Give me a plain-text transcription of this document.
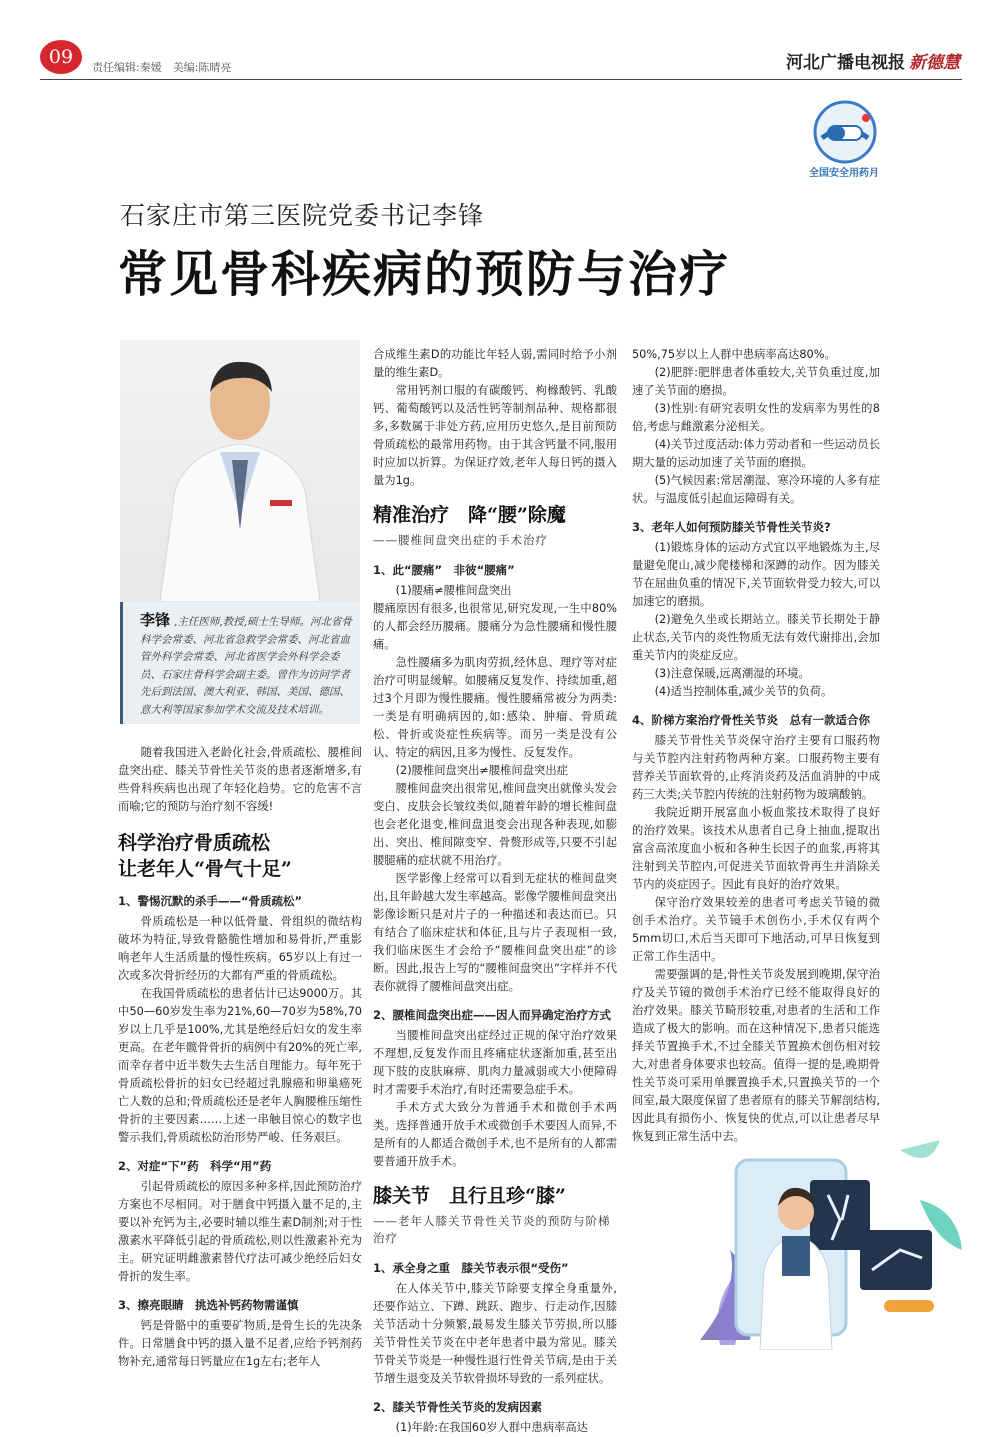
09	责任编辑:秦媛　美编:陈晴亮	河北广播电视报 新德慧
全国安全用药月
石家庄市第三医院党委书记李锋
常见骨科疾病的预防与治疗
李锋 ,主任医师,教授,硕士生导师。河北省骨科学会常委、河北省急救学会常委、河北省血管外科学会常委、河北省医学会外科学会委员、石家庄骨科学会副主委。曾作为访问学者先后到法国、澳大利亚、韩国、美国、德国、意大利等国家参加学术交流及技术培训。

随着我国进入老龄化社会,骨质疏松、腰椎间盘突出症、膝关节骨性关节炎的患者逐渐增多,有些骨科疾病也出现了年轻化趋势。它的危害不言而喻;它的预防与治疗刻不容缓!

科学治疗骨质疏松
让老年人“骨气十足”
1、警惕沉默的杀手——“骨质疏松”

骨质疏松是一种以低骨量、骨组织的微结构破坏为特征,导致骨骼脆性增加和易骨折,严重影响老年人生活质量的慢性疾病。65岁以上有过一次或多次骨折经历的大都有严重的骨质疏松。

在我国骨质疏松的患者估计已达9000万。其中50—60岁发生率为21%,60—70岁为58%,70岁以上几乎是100%,尤其是绝经后妇女的发生率更高。在老年髋骨骨折的病例中有20%的死亡率,而幸存者中近半数失去生活自理能力。每年死于骨质疏松骨折的妇女已经超过乳腺癌和卵巢癌死亡人数的总和;骨质疏松还是老年人胸腰椎压缩性骨折的主要因素……上述一串触目惊心的数字也警示我们,骨质疏松防治形势严峻、任务艰巨。

2、对症“下”药　科学“用”药

引起骨质疏松的原因多种多样,因此预防治疗方案也不尽相同。对于膳食中钙摄入量不足的,主要以补充钙为主,必要时辅以维生素D制剂;对于性激素水平降低引起的骨质疏松,则以性激素补充为主。研究证明雌激素替代疗法可减少绝经后妇女骨折的发生率。

3、擦亮眼睛　挑选补钙药物需谨慎

钙是骨骼中的重要矿物质,是骨生长的先决条件。日常膳食中钙的摄入量不足者,应给予钙剂药物补充,通常每日钙量应在1g左右;老年人

合成维生素D的功能比年轻人弱,需同时给予小剂量的维生素D。

常用钙剂口服的有碳酸钙、枸橼酸钙、乳酸钙、葡萄酸钙以及活性钙等制剂品种、规格都很多,多数属于非处方药,应用历史悠久,是目前预防骨质疏松的最常用药物。由于其含钙量不同,服用时应加以折算。为保证疗效,老年人每日钙的摄入量为1g。

精准治疗　降“腰”除魔
——腰椎间盘突出症的手术治疗
1、此“腰痛”　非彼“腰痛”

(1)腰痛≠腰椎间盘突出

腰痛原因有很多,也很常见,研究发现,一生中80%的人都会经历腰痛。腰痛分为急性腰痛和慢性腰痛。

急性腰痛多为肌肉劳损,经休息、理疗等对症治疗可明显缓解。如腰痛反复发作、持续加重,超过3个月即为慢性腰痛。慢性腰痛常被分为两类:一类是有明确病因的,如:感染、肿瘤、骨质疏松、骨折或炎症性疾病等。而另一类是没有公认、特定的病因,且多为慢性、反复发作。

(2)腰椎间盘突出≠腰椎间盘突出症

腰椎间盘突出很常见,椎间盘突出就像头发会变白、皮肤会长皱纹类似,随着年龄的增长椎间盘也会老化退变,椎间盘退变会出现各种表现,如膨出、突出、椎间隙变窄、骨赘形成等,只要不引起腰腿痛的症状就不用治疗。

医学影像上经常可以看到无症状的椎间盘突出,且年龄越大发生率越高。影像学腰椎间盘突出影像诊断只是对片子的一种描述和表达而已。只有结合了临床症状和体征,且与片子表现相一致,我们临床医生才会给予“腰椎间盘突出症”的诊断。因此,报告上写的“腰椎间盘突出”字样并不代表你就得了腰椎间盘突出症。

2、腰椎间盘突出症——因人而异确定治疗方式

当腰椎间盘突出症经过正规的保守治疗效果不理想,反复发作而且疼痛症状逐渐加重,甚至出现下肢的皮肤麻痹、肌肉力量减弱或大小便障碍时才需要手术治疗,有时还需要急症手术。

手术方式大致分为普通手术和微创手术两类。选择普通开放手术或微创手术要因人而异,不是所有的人都适合微创手术,也不是所有的人都需要普通开放手术。

膝关节　且行且珍“膝”
——老年人膝关节骨性关节炎的预防与阶梯治疗
1、承全身之重　膝关节表示很“受伤”

在人体关节中,膝关节除要支撑全身重量外,还要作站立、下蹲、跳跃、跑步、行走动作,因膝关节活动十分频繁,最易发生膝关节劳损,所以膝关节骨性关节炎在中老年患者中最为常见。膝关节骨关节炎是一种慢性退行性骨关节病,是由于关节增生退变及关节软骨损坏导致的一系列症状。

2、膝关节骨性关节炎的发病因素

(1)年龄:在我国60岁人群中患病率高达

50%,75岁以上人群中患病率高达80%。

(2)肥胖:肥胖患者体重较大,关节负重过度,加速了关节面的磨损。

(3)性别:有研究表明女性的发病率为男性的8倍,考虑与雌激素分泌相关。

(4)关节过度活动:体力劳动者和一些运动员长期大量的运动加速了关节面的磨损。

(5)气候因素:常居潮湿、寒冷环境的人多有症状。与温度低引起血运障碍有关。

3、老年人如何预防膝关节骨性关节炎?

(1)锻炼身体的运动方式宜以平地锻炼为主,尽量避免爬山,减少爬楼梯和深蹲的动作。因为膝关节在屈曲负重的情况下,关节面软骨受力较大,可以加速它的磨损。

(2)避免久坐或长期站立。膝关节长期处于静止状态,关节内的炎性物质无法有效代谢排出,会加重关节内的炎症反应。

(3)注意保暖,远离潮湿的环境。

(4)适当控制体重,减少关节的负荷。

4、阶梯方案治疗骨性关节炎　总有一款适合你

膝关节骨性关节炎保守治疗主要有口服药物与关节腔内注射药物两种方案。口服药物主要有营养关节面软骨的,止疼消炎药及活血消肿的中成药三大类;关节腔内传统的注射药物为玻璃酸钠。

我院近期开展富血小板血浆技术取得了良好的治疗效果。该技术从患者自己身上抽血,提取出富含高浓度血小板和各种生长因子的血浆,再将其注射到关节腔内,可促进关节面软骨再生并消除关节内的炎症因子。因此有良好的治疗效果。

保守治疗效果较差的患者可考虑关节镜的微创手术治疗。关节镜手术创伤小,手术仅有两个5mm切口,术后当天即可下地活动,可早日恢复到正常工作生活中。

需要强调的是,骨性关节炎发展到晚期,保守治疗及关节镜的微创手术治疗已经不能取得良好的治疗效果。膝关节畸形较重,对患者的生活和工作造成了极大的影响。而在这种情况下,患者只能选择关节置换手术,不过全膝关节置换术创伤相对较大,对患者身体要求也较高。值得一提的是,晚期骨性关节炎可采用单髁置换手术,只置换关节的一个间室,最大限度保留了患者原有的膝关节解剖结构,因此具有损伤小、恢复快的优点,可以让患者尽早恢复到正常生活中去。
